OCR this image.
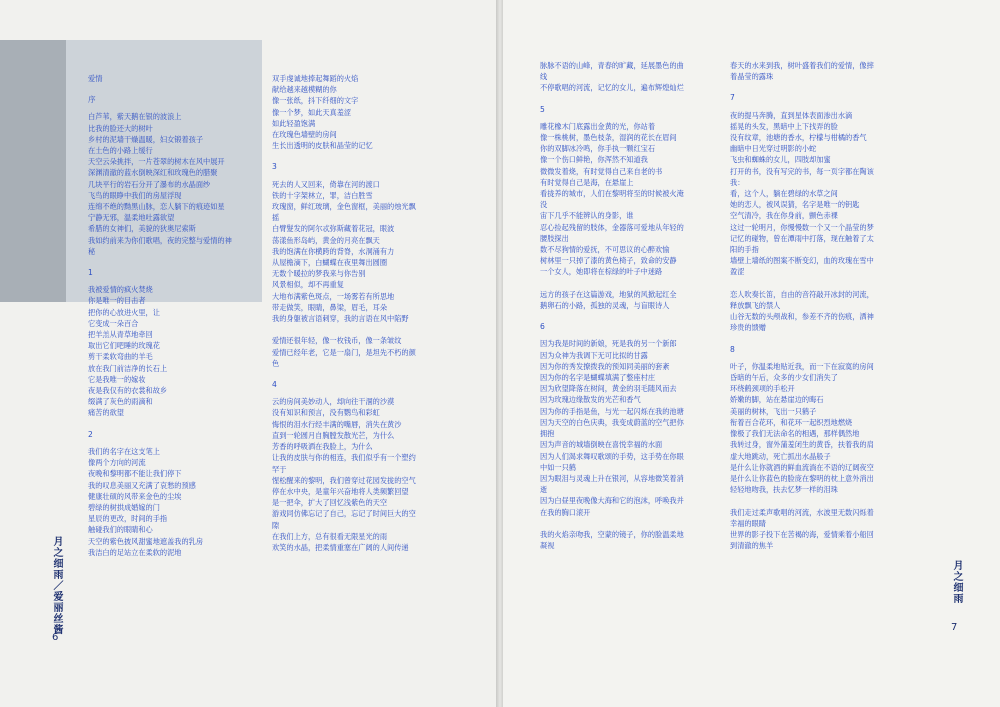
爱情
序
白芦苇，紫天鹅在银的波浪上
比我的脸还大的树叶
乡村的泥墙干燥温暖，妇女锻着孩子
在土色的小路上缓行
天空云朵挑拌，一片苍翠的树木在风中展开
深渊清澈的蓝水倒映深红和玫瑰色的腊聚
几块平行的岩石分开了瀑布的水晶面纱
飞鸟的眼睁中我们的房屋浮现
连绵不绝的黝黑山脉，恋人躺下的痕迹如星
宁静无邪，温柔地吐露欲望
希腊的女神们，美貌的狄奥尼索斯
我如约前来为你们歌唱，夜的完整与爱情的神
秘
1
我被爱情的疯火焚烧
你是唯一的目击者
把你的心放进火里，让
它变成一朵百合
把羊羔从青草地牵回
取出它们吧睡的玫瑰花
剪干柔软弯曲的羊毛
放在我门前洁净的长石上
它是我唯一的嫁妆
夜是我仅有的衣裳和故乡
缀满了灰色的雨滴和
痛苦的欲望
2
我们的名字在这支笔上
像两个方向的河流
夜晚和黎明都不能让我们停下
我的叹息美丽又充满了哀愁的预感
健康壮硕的风带来金色的尘埃
碧绿的树拱成婚嫁的门
星辰的更改，时间的手指
触碰我们的眼睛和心
天空的紫色披风甜蜜地遮盖我的乳房
我洁白的足站立在柔软的泥地
双手虔诚地捧起舞蹈的火焰
献给越来越模糊的你
像一张纸，抖下纤细的文字
像一个梦，如此天真羞涩
如此轻盈饱满
在玫瑰色墙壁的房间
生长出透明的皮肤和晶莹的记忆
3
死去的人又回来，倚靠在河的渡口
铁的十字架林立，罪，洁白胜雪
玫瑰窗，鲜红玻璃，金色窗框，美丽的烛光飘
摇
白臂髮发的阿尔忒弥斯藏着花冠，眼波
荡漾鱼形岛屿，黄金的月亮在飘天
我的饱满在你横跨的背脊，水洞涌有力
从屋檐滴下，白蝴蝶在夜里舞出圆圈
无数个暖拉的梦我来与你告别
风景相似，却不再重复
大地布满紫色斑点，一场雾若有所思地
带走做笑，眼睛，鼻梁，眉毛，耳朵
我的身躯被言语刺穿，我的言语在风中陷野

爱情还很年轻，像一枚钱币，像一条皱纹
爱情已经年老，它是一扇门，是坦先不朽的颜
色
4
云的房间美妙动人，却向往干涸的沙漠
没有知识和预言，没有鹦鸟和彩虹
悔恨的泪水行经丰满的嘴唇，消失在黄沙
直到一轮圆月自胸膛发散光芒，为什么
芳香的呼吸洒在我脸上，为什么
让我的皮肤与你的相连，我们似乎有一个塑约
罕于
惺松醒来的黎明，我们曾穿过花园发拢的空气
停在水中央，是童年兴奋地将人类频繁回望
是一把伞，扩大了回忆浅紫色的天空
游戏同仿佛忘记了自己，忘记了时间巨大的空
隙
在我们上方，总有很看无限星光的雨
欢笑的水晶，把柔情重塞在广阔的人间传递
月之细雨／爱丽丝酱
6
脉脉不语的山峰，青春的旷藏，延展墨色的曲
线
不停歌唱的河流，记忆的女儿，遍布辉煌灿烂
5
雕花橡木门底露出金黄的光，你站着
像一株桃树，墨色枝条，湿润的花长在眉间
你的双脚冰冷鸣，你手执一颗红宝石
像一个伤口鲜艳，你浑然不知道我
微微发着烧，有时觉得自己来自老的书
有时觉得自己是海，在悬崖上
看拢养的城市，人们在黎明将至的时候被火淹
没
宙下几乎不能辨认的身影，谁
忍心捡起残留的肢体，金器落可爱地从年轻的
腰肢探出
数不尽狗情的爱抚，不可思议的心醉欢愉
树林里一只掉了漆的黄色椅子，致命的安静
一个女人，她即将在棕绿的叶子中迷路

远方的孩子在这篇游戏，地狱的风掀起红全
鹅卵石的小路，孤独的灵魂，与盲眼诗人
6
因为我是时间的新娘，死是我的另一个新郎
因为众神为我调下无可比拟的甘露
因为你的秀发撩拨我的预知同美丽的套紊
因为你的名字是蝴蝶填满了整座村庄
因为欣望降落在树间，黄金的羽毛随风而去
因为玫瑰边缘散发的光芒和香气
因为你的手指是鱼，与光一起闪烁在我的池塘
因为天空的白色庆典，我变成蔚蓝的空气把你
拥抱
因为声音的城墙倒映在喜悦幸福的水面
因为人们渴求舞叹歌颂的手势，这手势在你眼
中如一只鹤
因为眼泪与灵魂上升在银河，从容地微笑着消
逝
因为白昼里夜晚像大海和它的泡沫，呼唤我并
在我的胸口滚开

我的火焰亲吻我，空蒙的镜子，你的脸温柔地
凝视
春天的水来到我，树叶盛着我们的爱情，像摔
着晶莹的露珠
7
夜的提马奔腾，直到星体表面渗出水滴
摇晃的头发，黑暗中上下找弄的脸
没有纹章，池塘的香水，柠檬与柑橘的香气
幽暗中日光穿过明影的小蛇
飞虫和蜘蛛的女儿，四肢却加蜜
打开的书，没有写完的书，每一页字都在陶该
我：
看，这个人，躺在碧绿的水草之间
她的恋人，被风误猜，名字是唯一的钥匙
空气清冷，我在你身前，颤色赤裸
这过一轮明月，你慢慢数一个又一个晶莹的梦
记忆的碰物，曾在潭雨中打落，现在触着了太
阳的手指
墙壁上墙纸的图案不断变幻，血的玫瑰在雪中
盈涩

恋人吹奏长笛，自由的音符敲开冰封的河流，
释放飘飞的禁人
山谷无数的头颅战和，参差不齐的伤痕，洒神
珍贵的馈赠
8
叶子，你温柔地贴近我，而一下在寂寞的房间
昏暗的午后，众多的少女们消失了
环绕鹤颈项的手松开
娇嫩的脚，站在悬崖边的晦石
美丽的树林，飞出一只鹤子
衔着百合花环，和花环一起织烈地燃烧
像极了我们无法命名的相遇，那样偶然地
我转过身，窗外蒲羞闭生的黄昏，扶着我的肩
虚大地跳动，死亡抓出水晶般子
是什么让你就酒的鲜血流淌在不语的辽阔夜空
是什么让你蓝色的脸庞在黎明的枕上意外消出
轻轻地吻我，扶去忆梦一样的泪珠

我们走过柔声歌唱的河流，水波里无数闪烁着
幸福的眼睛
世界的影子投下在苦褐的海，爱情乘着小船回
到清澈的焦羊
月之细雨
7
